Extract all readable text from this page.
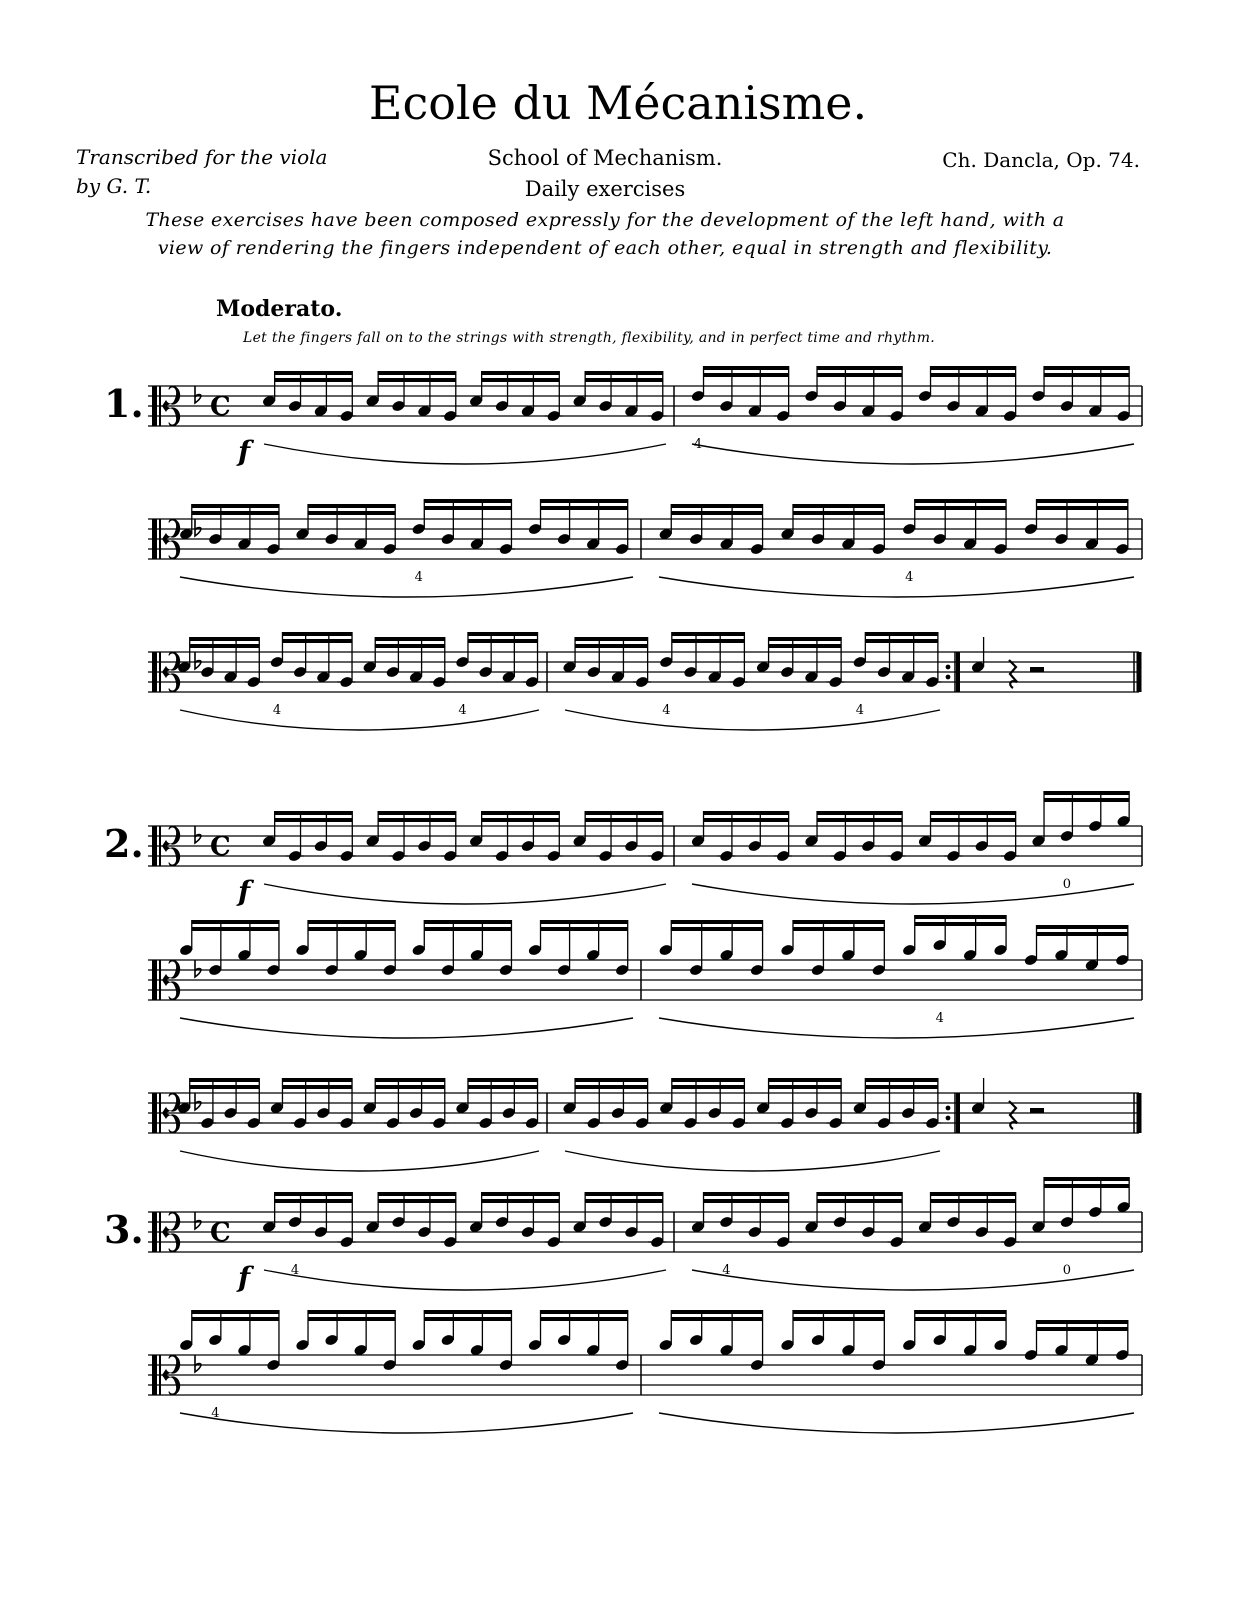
Ecole du Mécanisme.
Transcribed for the viola
by G. T.
School of Mechanism.
Daily exercises
Ch. Dancla, Op. 74.
These exercises have been composed expressly for the development of the left hand, with a
view of rendering the fingers independent of each other, equal in strength and flexibility.
Moderato.
Let the fingers fall on to the strings with strength, flexibility, and in perfect time and rhythm.
1.	C
f	4
4	4
4	4	4	4
2.	C
f	0
4
3.	C
f	4	4	0
4
